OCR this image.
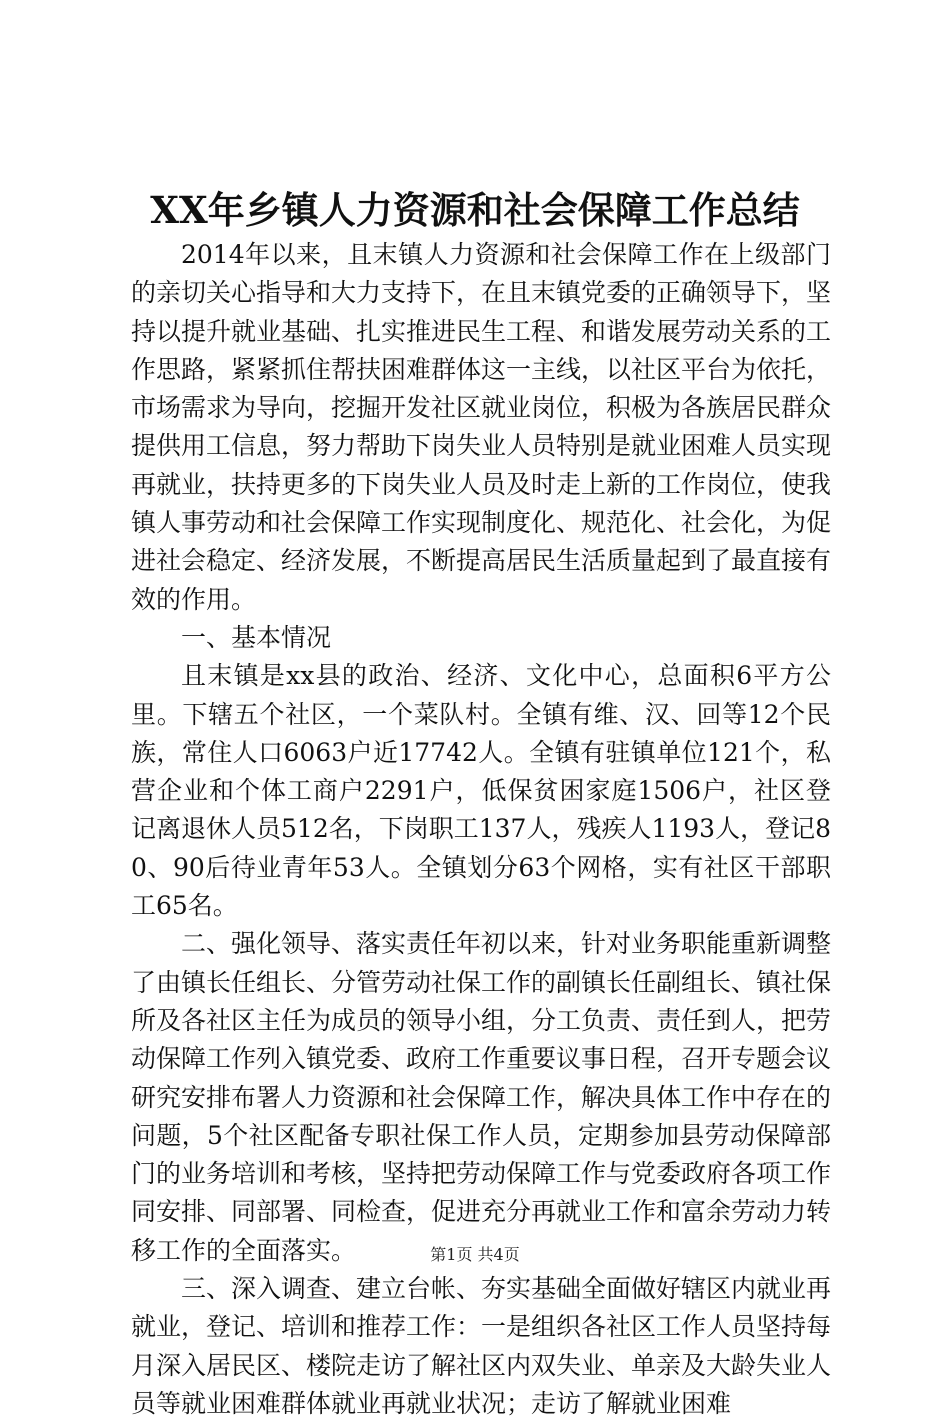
XX年乡镇人力资源和社会保障工作总结

2014年以来，且末镇人力资源和社会保障工作在上级部门的亲切关心指导和大力支持下，在且末镇党委的正确领导下，坚持以提升就业基础、扎实推进民生工程、和谐发展劳动关系的工作思路，紧紧抓住帮扶困难群体这一主线，以社区平台为依托，市场需求为导向，挖掘开发社区就业岗位，积极为各族居民群众提供用工信息，努力帮助下岗失业人员特别是就业困难人员实现再就业，扶持更多的下岗失业人员及时走上新的工作岗位，使我镇人事劳动和社会保障工作实现制度化、规范化、社会化，为促进社会稳定、经济发展，不断提高居民生活质量起到了最直接有效的作用。

一、基本情况

且末镇是xx县的政治、经济、文化中心，总面积6平方公里。下辖五个社区，一个菜队村。全镇有维、汉、回等12个民族，常住人口6063户近17742人。全镇有驻镇单位121个，私营企业和个体工商户2291户，低保贫困家庭1506户，社区登记离退休人员512名，下岗职工137人，残疾人1193人，登记80、90后待业青年53人。全镇划分63个网格，实有社区干部职工65名。

二、强化领导、落实责任年初以来，针对业务职能重新调整了由镇长任组长、分管劳动社保工作的副镇长任副组长、镇社保所及各社区主任为成员的领导小组，分工负责、责任到人，把劳动保障工作列入镇党委、政府工作重要议事日程，召开专题会议研究安排布署人力资源和社会保障工作，解决具体工作中存在的问题，5个社区配备专职社保工作人员，定期参加县劳动保障部门的业务培训和考核，坚持把劳动保障工作与党委政府各项工作同安排、同部署、同检查，促进充分再就业工作和富余劳动力转移工作的全面落实。

三、深入调查、建立台帐、夯实基础全面做好辖区内就业再就业，登记、培训和推荐工作：一是组织各社区工作人员坚持每月深入居民区、楼院走访了解社区内双失业、单亲及大龄失业人员等就业困难群体就业再就业状况；走访了解就业困难

第1页 共4页
